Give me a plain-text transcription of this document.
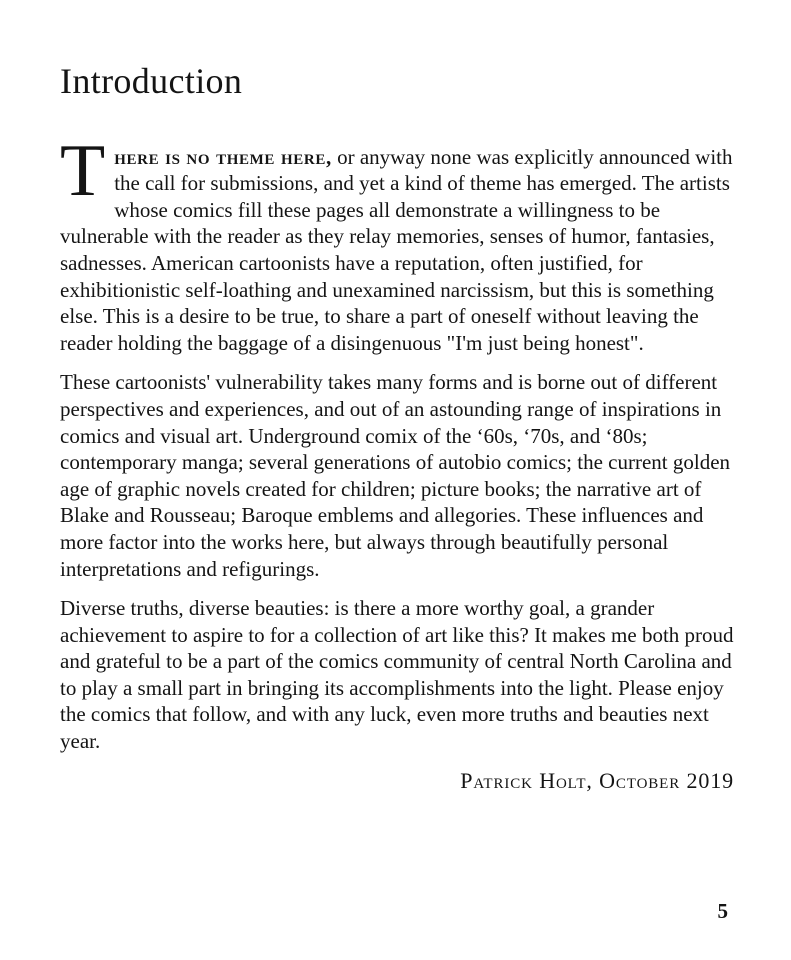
Introduction

There is no theme here, or anyway none was explicitly announced with the call for submissions, and yet a kind of theme has emerged. The artists whose comics fill these pages all demonstrate a willingness to be vulnerable with the reader as they relay memories, senses of humor, fantasies, sadnesses. American cartoonists have a reputation, often justified, for exhibitionistic self-loathing and unexamined narcissism, but this is something else. This is a desire to be true, to share a part of oneself without leaving the reader holding the baggage of a disingenuous "I'm just being honest".

These cartoonists' vulnerability takes many forms and is borne out of different perspectives and experiences, and out of an astounding range of inspirations in comics and visual art. Underground comix of the ‘60s, ‘70s, and ‘80s; contemporary manga; several generations of autobio comics; the current golden age of graphic novels created for children; picture books; the narrative art of Blake and Rousseau; Baroque emblems and allegories. These influences and more factor into the works here, but always through beautifully personal interpretations and refigurings.

Diverse truths, diverse beauties: is there a more worthy goal, a grander achievement to aspire to for a collection of art like this? It makes me both proud and grateful to be a part of the comics community of central North Carolina and to play a small part in bringing its accomplishments into the light. Please enjoy the comics that follow, and with any luck, even more truths and beauties next year.

Patrick Holt, October 2019

5
